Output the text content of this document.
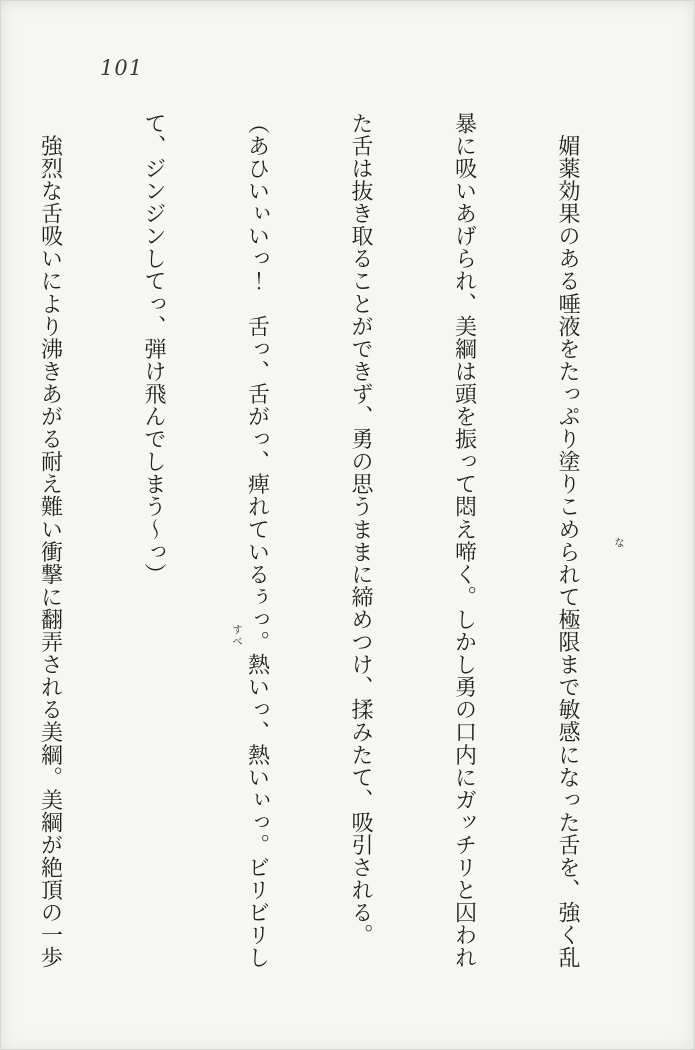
101

　媚薬効果のある唾液をたっぷり塗りこめられて極限まで敏感になった舌を、強く乱

暴に吸いあげられ、美綱は頭を振って悶え啼く。しかし勇の口内にガッチリと囚われ

た舌は抜き取ることができず、勇の思うままに締めつけ、揉みたて、吸引される。

（あひいぃいっ！　舌っ、舌がっ、痺れているぅっ。熱いっ、熱いぃっ。ビリビリし

て、ジンジンしてっ、弾け飛んでしまう〜っ）

　強烈な舌吸いにより沸きあがる耐え難い衝撃に翻弄される美綱。美綱が絶頂の一歩

	な
すべ
